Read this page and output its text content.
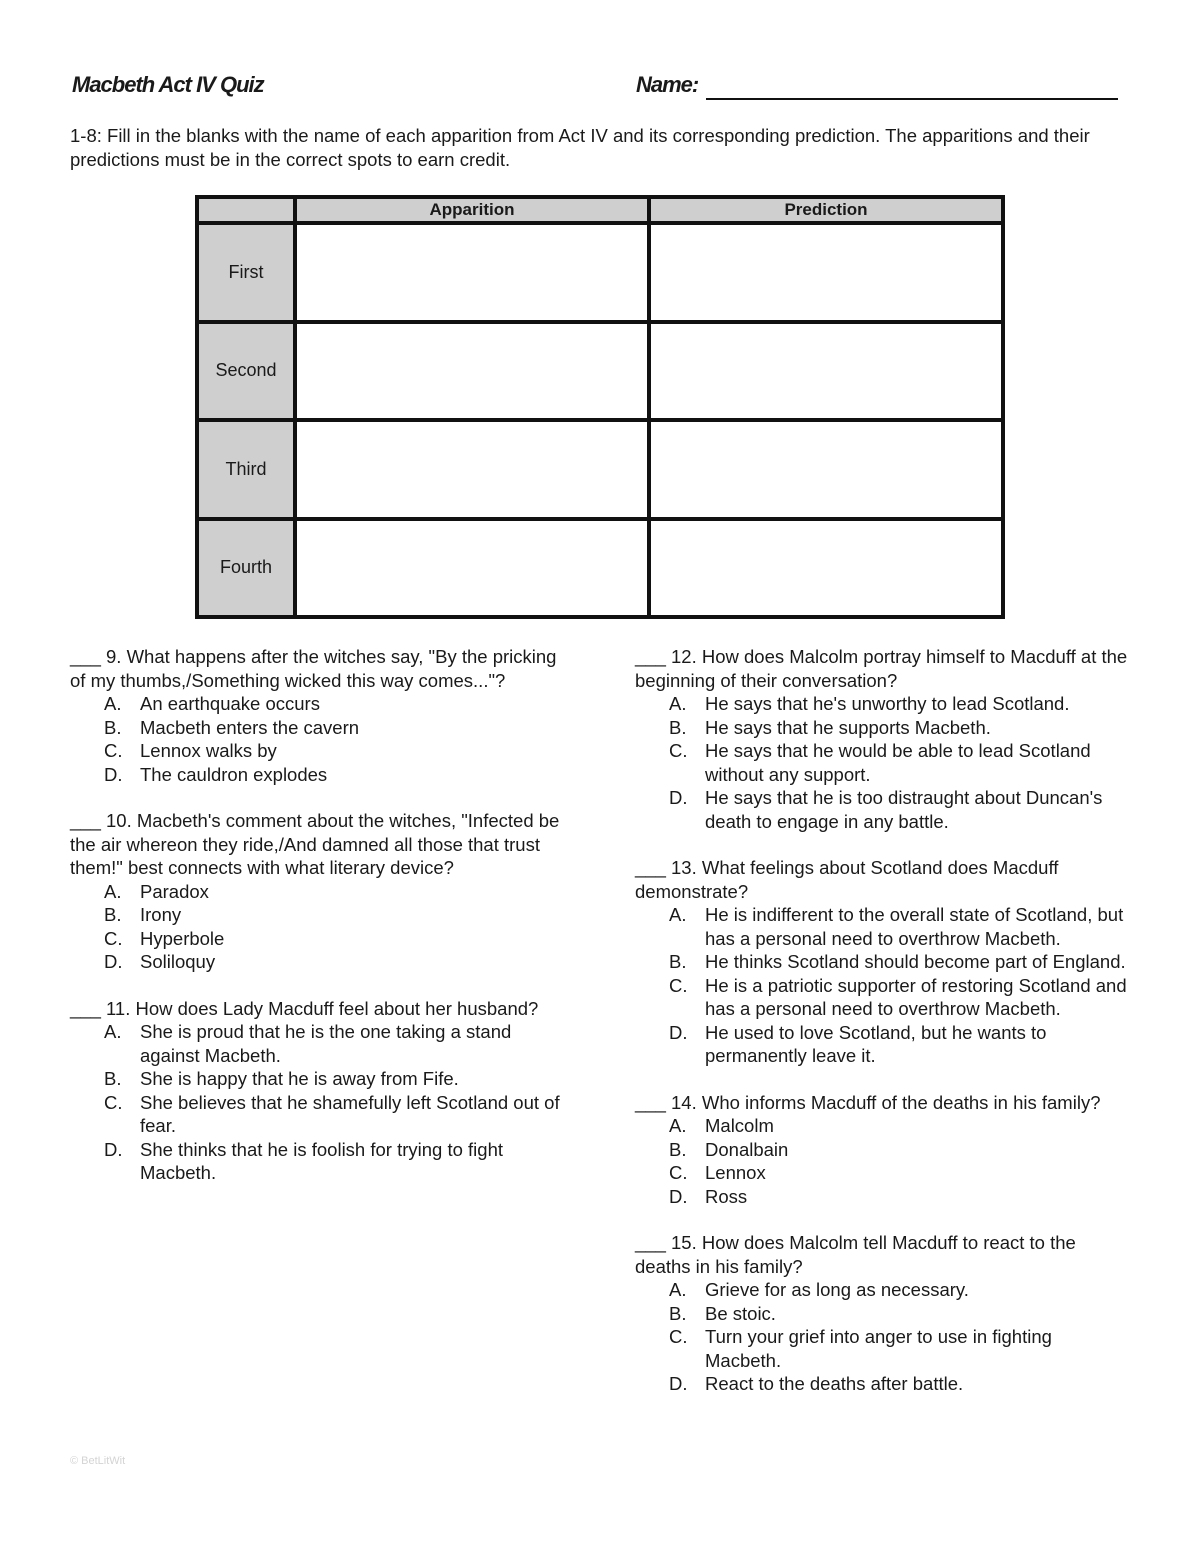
Macbeth Act IV Quiz	Name:
1-8: Fill in the blanks with the name of each apparition from Act IV and its corresponding prediction. The apparitions and their predictions must be in the correct spots to earn credit.
	Apparition	Prediction
First		
Second		
Third		
Fourth		

___ 9. What happens after the witches say, "By the pricking of my thumbs,/Something wicked this way comes..."?

A.	An earthquake occurs
B.	Macbeth enters the cavern
C. Lennox walks by
D. The cauldron explodes

___ 10. Macbeth's comment about the witches, "Infected be the air whereon they ride,/And damned all those that trust them!" best connects with what literary device?

A.	Paradox
B.	Irony
C. Hyperbole
D. Soliloquy

___ 11. How does Lady Macduff feel about her husband?

A.	She is proud that he is the one taking a stand against Macbeth.
B.	She is happy that he is away from Fife.
C. She believes that he shamefully left Scotland out of fear.
D. She thinks that he is foolish for trying to fight Macbeth.

___ 12. How does Malcolm portray himself to Macduff at the beginning of their conversation?

A.	He says that he's unworthy to lead Scotland.
B.	He says that he supports Macbeth.
C. He says that he would be able to lead Scotland without any support.
D. He says that he is too distraught about Duncan's death to engage in any battle.

___ 13. What feelings about Scotland does Macduff demonstrate?

A.	He is indifferent to the overall state of Scotland, but has a personal need to overthrow Macbeth.
B.	He thinks Scotland should become part of England.
C. He is a patriotic supporter of restoring Scotland and has a personal need to overthrow Macbeth.
D. He used to love Scotland, but he wants to permanently leave it.

___ 14. Who informs Macduff of the deaths in his family?

A.	Malcolm
B.	Donalbain
C. Lennox
D. Ross

___ 15. How does Malcolm tell Macduff to react to the deaths in his family?

A.	Grieve for as long as necessary.
B.	Be stoic.
C. Turn your grief into anger to use in fighting Macbeth.
D. React to the deaths after battle.
© BetLitWit
